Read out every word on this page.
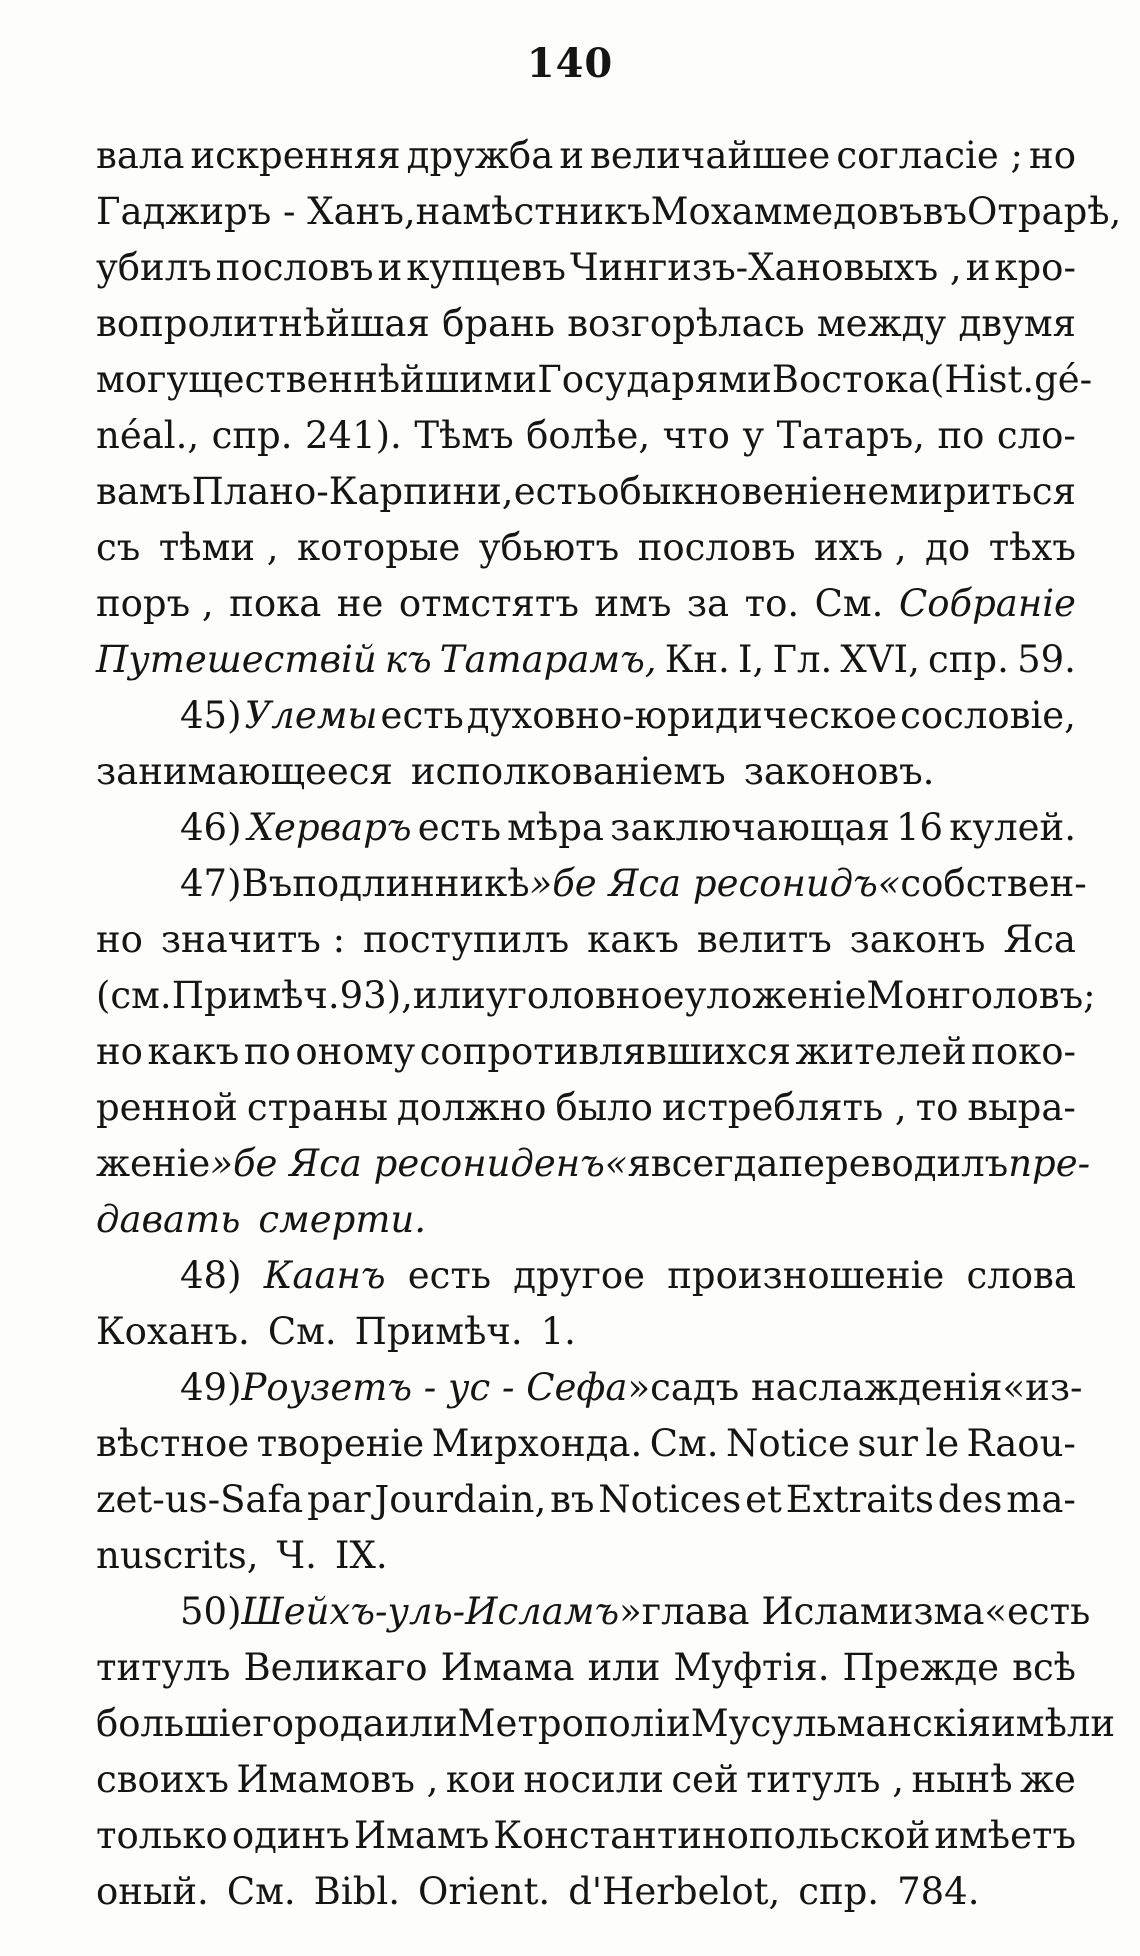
140
вала искренняя дружба и величайшее согласіе ; но
Гаджиръ - Ханъ, намѣстникъ Мохаммедовъ въ Отрарѣ,
убилъ пословъ и купцевъ Чингизъ-Хановыхъ , и кро-
вопролитнѣйшая брань возгорѣлась между двумя
могущественнѣйшими Государями Востока (Hist. gé-
néal., спр. 241). Тѣмъ болѣе, что у Татаръ, по сло-
вамъ Плано-Карпини, есть обыкновеніе не мириться
съ тѣми , которые убьютъ пословъ ихъ , до тѣхъ
поръ , пока не отмстятъ имъ за то. См. Собраніе
Путешествій къ Татарамъ, Кн. I, Гл. XVI, спр. 59.
45) Улемы есть духовно-юридическое сословіе,
занимающееся исполкованіемъ законовъ.
46) Херваръ есть мѣра заключающая 16 кулей.
47) Въ подлинникѣ »бе Яса ресонидъ« собствен-
но значитъ : поступилъ какъ велитъ законъ Яса
(см. Примѣч. 93), или уголовное уложеніе Монголовъ;
но какъ по оному сопротивлявшихся жителей поко-
ренной страны должно было истреблять , то выра-
женіе »бе Яса ресониденъ« я всегда переводилъ пре-
давать смерти.
48) Каанъ есть другое произношеніе слова
Коханъ. См. Примѣч. 1.
49) Роузетъ - ус - Сефа »садъ наслажденія« из-
вѣстное твореніе Мирхонда. См. Notice sur le Raou-
zet-us-Safa par Jourdain, въ Notices et Extraits des ma-
nuscrits, Ч. IX.
50) Шейхъ-уль-Исламъ »глава Исламизма« есть
титулъ Великаго Имама или Муфтія. Прежде всѣ
большіе города или Метрополіи Мусульманскія имѣли
своихъ Имамовъ , кои носили сей титулъ , нынѣ же
только одинъ Имамъ Константинопольской имѣетъ
оный. См. Bibl. Orient. d'Herbelot, спр. 784.
